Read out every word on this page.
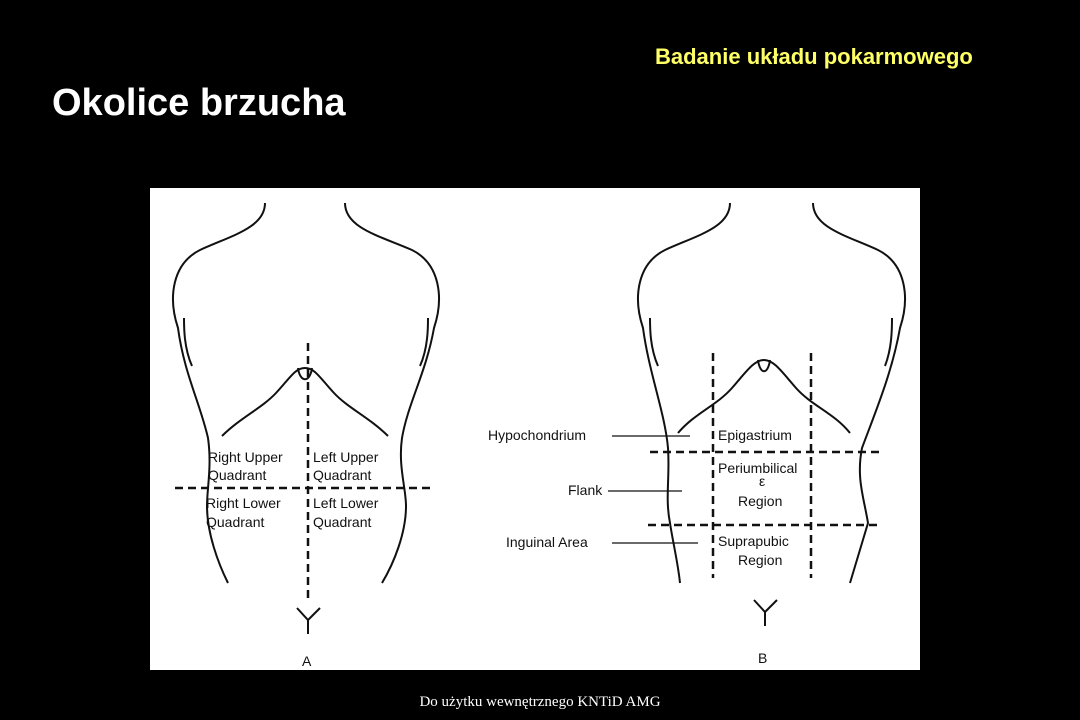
Badanie układu pokarmowego
Okolice brzucha
Right Upper
Quadrant
Left Upper
Quadrant
Right Lower
Quadrant
Left Lower
Quadrant
A
Epigastrium
Periumbilical
ε
Region
Suprapubic
Region
Hypochondrium
Flank
Inguinal Area
B
Do użytku wewnętrznego KNTiD AMG
